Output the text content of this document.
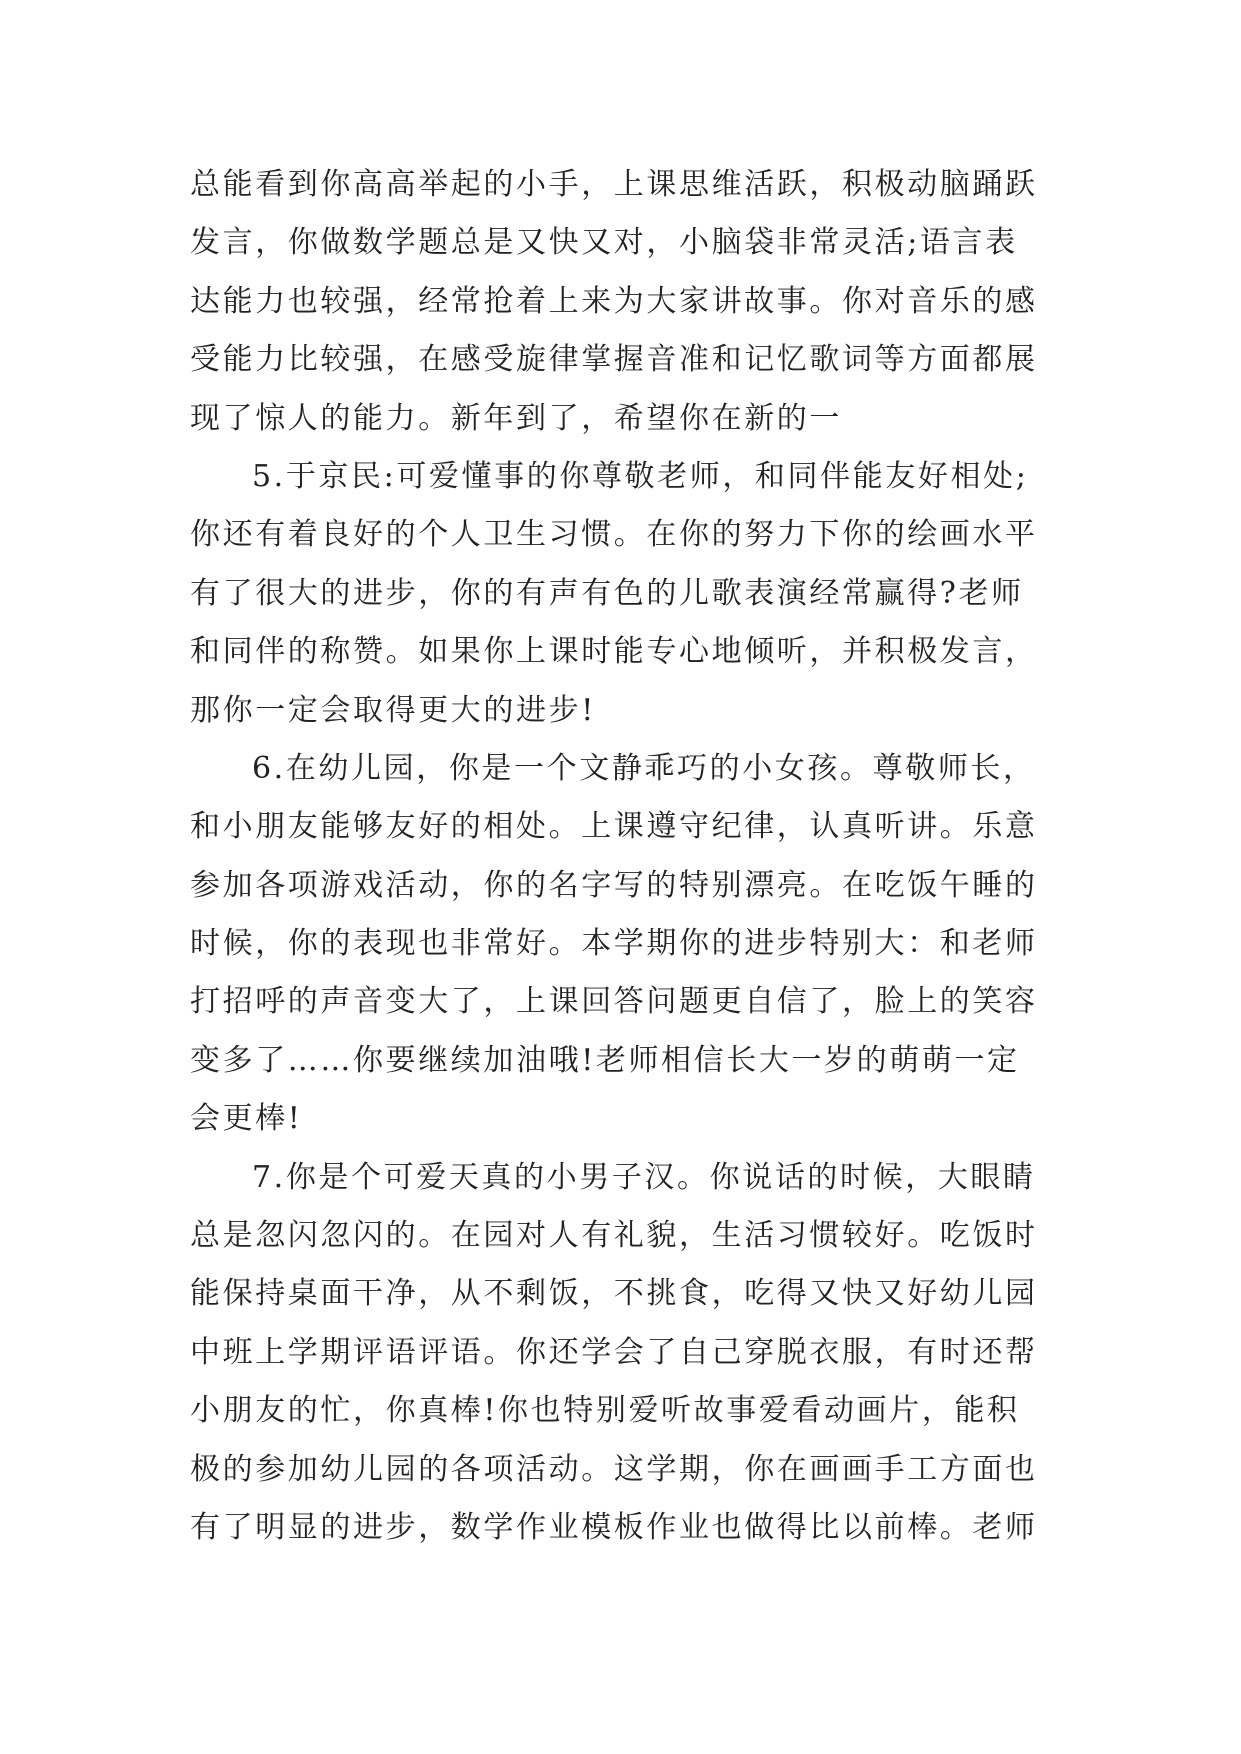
总能看到你高高举起的小手，上课思维活跃，积极动脑踊跃
发言，你做数学题总是又快又对，小脑袋非常灵活;语言表
达能力也较强，经常抢着上来为大家讲故事。你对音乐的感
受能力比较强，在感受旋律掌握音准和记忆歌词等方面都展
现了惊人的能力。新年到了，希望你在新的一
5.于京民:可爱懂事的你尊敬老师，和同伴能友好相处;
你还有着良好的个人卫生习惯。在你的努力下你的绘画水平
有了很大的进步，你的有声有色的儿歌表演经常赢得?老师
和同伴的称赞。如果你上课时能专心地倾听，并积极发言，
那你一定会取得更大的进步!
6.在幼儿园，你是一个文静乖巧的小女孩。尊敬师长，
和小朋友能够友好的相处。上课遵守纪律，认真听讲。乐意
参加各项游戏活动，你的名字写的特别漂亮。在吃饭午睡的
时候，你的表现也非常好。本学期你的进步特别大：和老师
打招呼的声音变大了，上课回答问题更自信了，脸上的笑容
变多了……你要继续加油哦!老师相信长大一岁的萌萌一定
会更棒!
7.你是个可爱天真的小男子汉。你说话的时候，大眼睛
总是忽闪忽闪的。在园对人有礼貌，生活习惯较好。吃饭时
能保持桌面干净，从不剩饭，不挑食，吃得又快又好幼儿园
中班上学期评语评语。你还学会了自己穿脱衣服，有时还帮
小朋友的忙，你真棒!你也特别爱听故事爱看动画片，能积
极的参加幼儿园的各项活动。这学期，你在画画手工方面也
有了明显的进步，数学作业模板作业也做得比以前棒。老师
